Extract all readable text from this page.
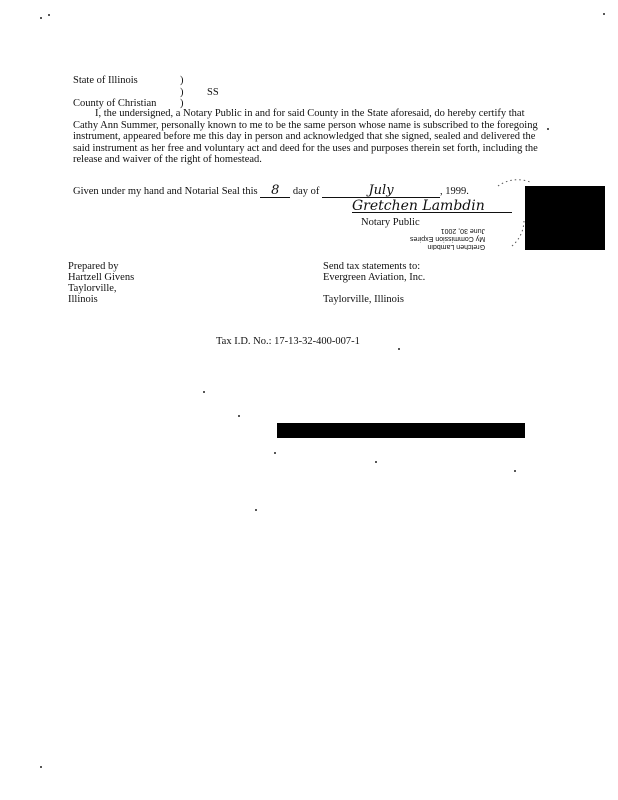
State of Illinois	)
) SS
County of Christian )
I, the undersigned, a Notary Public in and for said County in the State aforesaid, do hereby certify that Cathy Ann Summer, personally known to me to be the same person whose name is subscribed to the foregoing instrument, appeared before me this day in person and acknowledged that she signed, sealed and delivered the said instrument as her free and voluntary act and deed for the uses and purposes therein set forth, including the release and waiver of the right of homestead.
Given under my hand and Notarial Seal this 8 day of	July	, 1999.
Gretchen Lambdin
Notary Public
Gretchen Lambdin
My Commission Expires
June 30, 2001
Prepared by
Hartzell Givens
Taylorville,
Illinois
Send tax statements to:
Evergreen Aviation, Inc.
Taylorville, Illinois
Tax I.D. No.: 17-13-32-400-007-1
